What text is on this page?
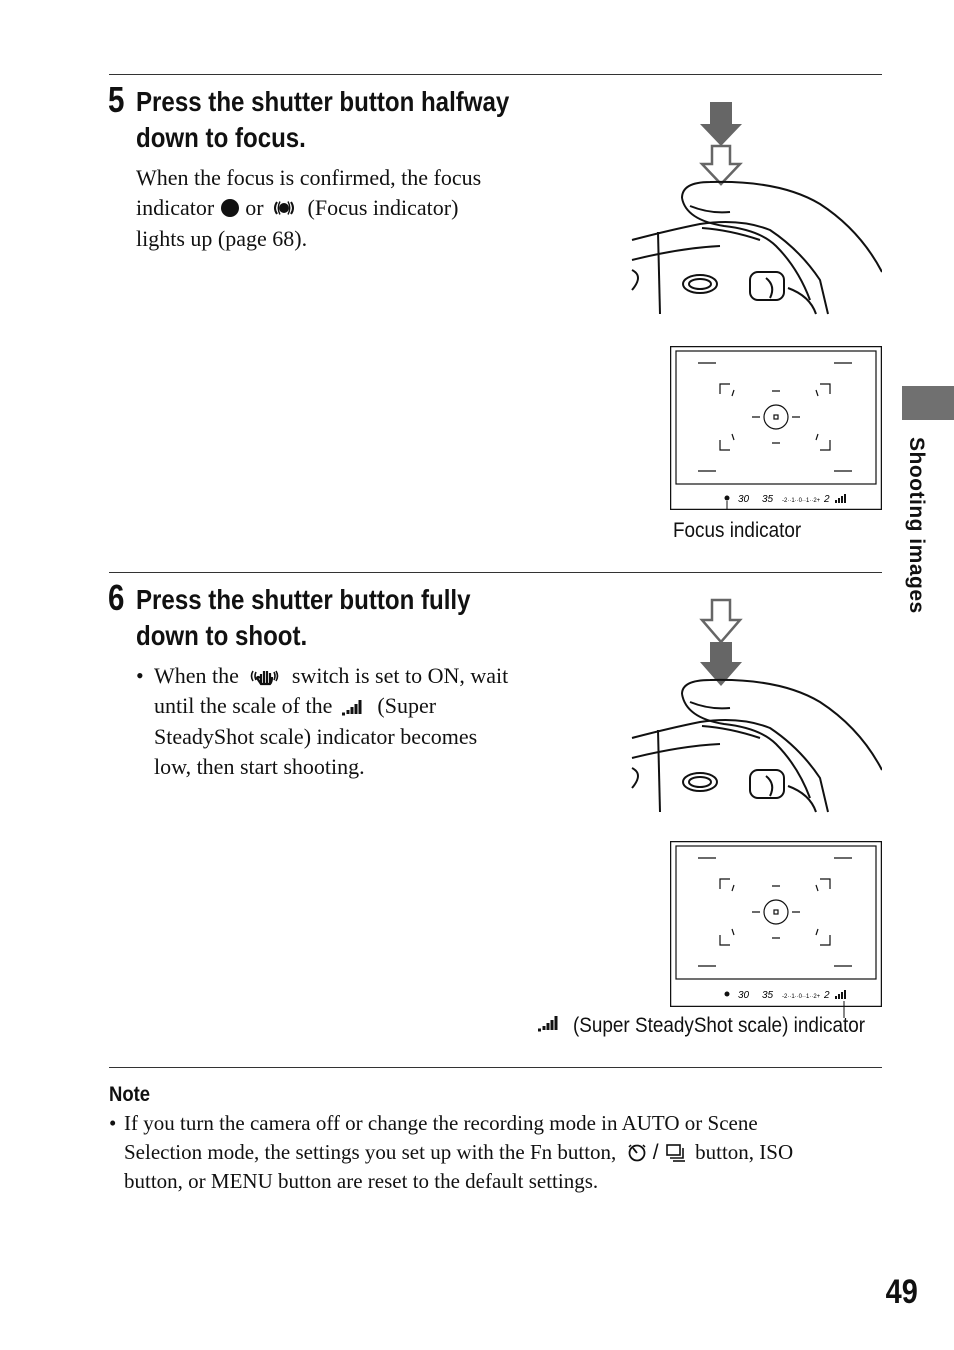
5 Press the shutter button halfway
down to focus.
When the focus is confirmed, the focus
indicator or (Focus indicator)
lights up (page 68).
30 35 -2··1··0··1··2+ 2
Focus indicator
6 Press the shutter button fully
down to shoot.
• When the switch is set to ON, wait
until the scale of the (Super
SteadyShot scale) indicator becomes
low, then start shooting.
30 35 -2··1··0··1··2+ 2
(Super SteadyShot scale) indicator
Note
• If you turn the camera off or change the recording mode in AUTO or Scene
Selection mode, the settings you set up with the Fn button, / button, ISO
button, or MENU button are reset to the default settings.
Shooting images
49
